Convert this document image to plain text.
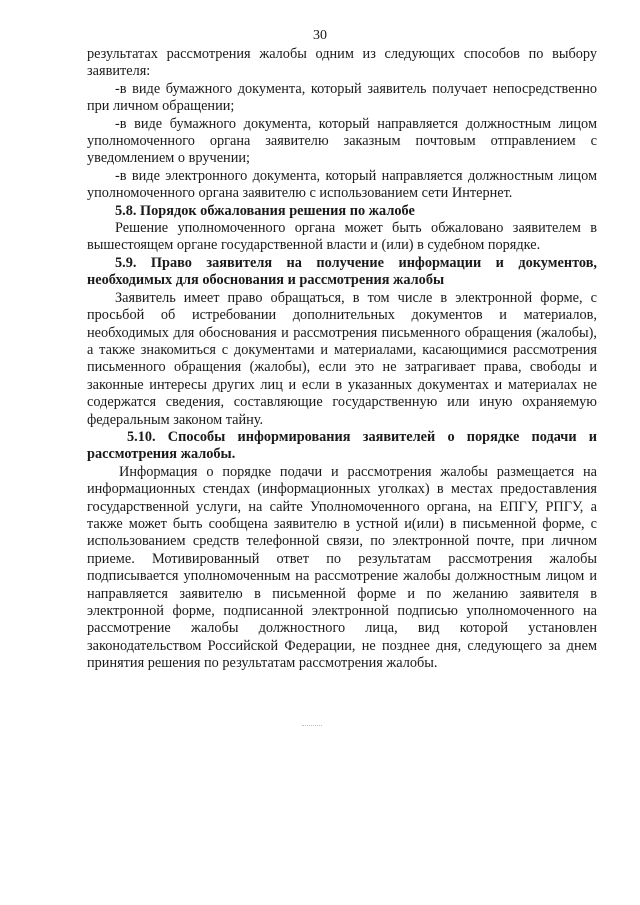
30

результатах рассмотрения жалобы одним из следующих способов по выбору заявителя:

-в виде бумажного документа, который заявитель получает непосредственно при личном обращении;

-в виде бумажного документа, который направляется должностным лицом уполномоченного органа заявителю заказным почтовым отправлением с уведомлением о вручении;

-в виде электронного документа, который направляется должностным лицом уполномоченного органа заявителю с использованием сети Интернет.

5.8. Порядок обжалования решения по жалобе

Решение уполномоченного органа может быть обжаловано заявителем в вышестоящем органе государственной власти и (или) в судебном порядке.

5.9. Право заявителя на получение информации и документов, необходимых для обоснования и рассмотрения жалобы

Заявитель имеет право обращаться, в том числе в электронной форме, с просьбой об истребовании дополнительных документов и материалов, необходимых для обоснования и рассмотрения письменного обращения (жалобы), а также знакомиться с документами и материалами, касающимися рассмотрения письменного обращения (жалобы), если это не затрагивает права, свободы и законные интересы других лиц и если в указанных документах и материалах не содержатся сведения, составляющие государственную или иную охраняемую федеральным законом тайну.

5.10. Способы информирования заявителей о порядке подачи и рассмотрения жалобы.

Информация о порядке подачи и рассмотрения жалобы размещается на информационных стендах (информационных уголках) в местах предоставления государственной услуги, на сайте Уполномоченного органа, на ЕПГУ, РПГУ, а также может быть сообщена заявителю в устной и(или) в письменной форме, с использованием средств телефонной связи, по электронной почте, при личном приеме. Мотивированный ответ по результатам рассмотрения жалобы подписывается уполномоченным на рассмотрение жалобы должностным лицом и направляется заявителю в письменной форме и по желанию заявителя в электронной форме, подписанной электронной подписью уполномоченного на рассмотрение жалобы должностного лица, вид которой установлен законодательством Российской Федерации, не позднее дня, следующего за днем принятия решения по результатам рассмотрения жалобы.
